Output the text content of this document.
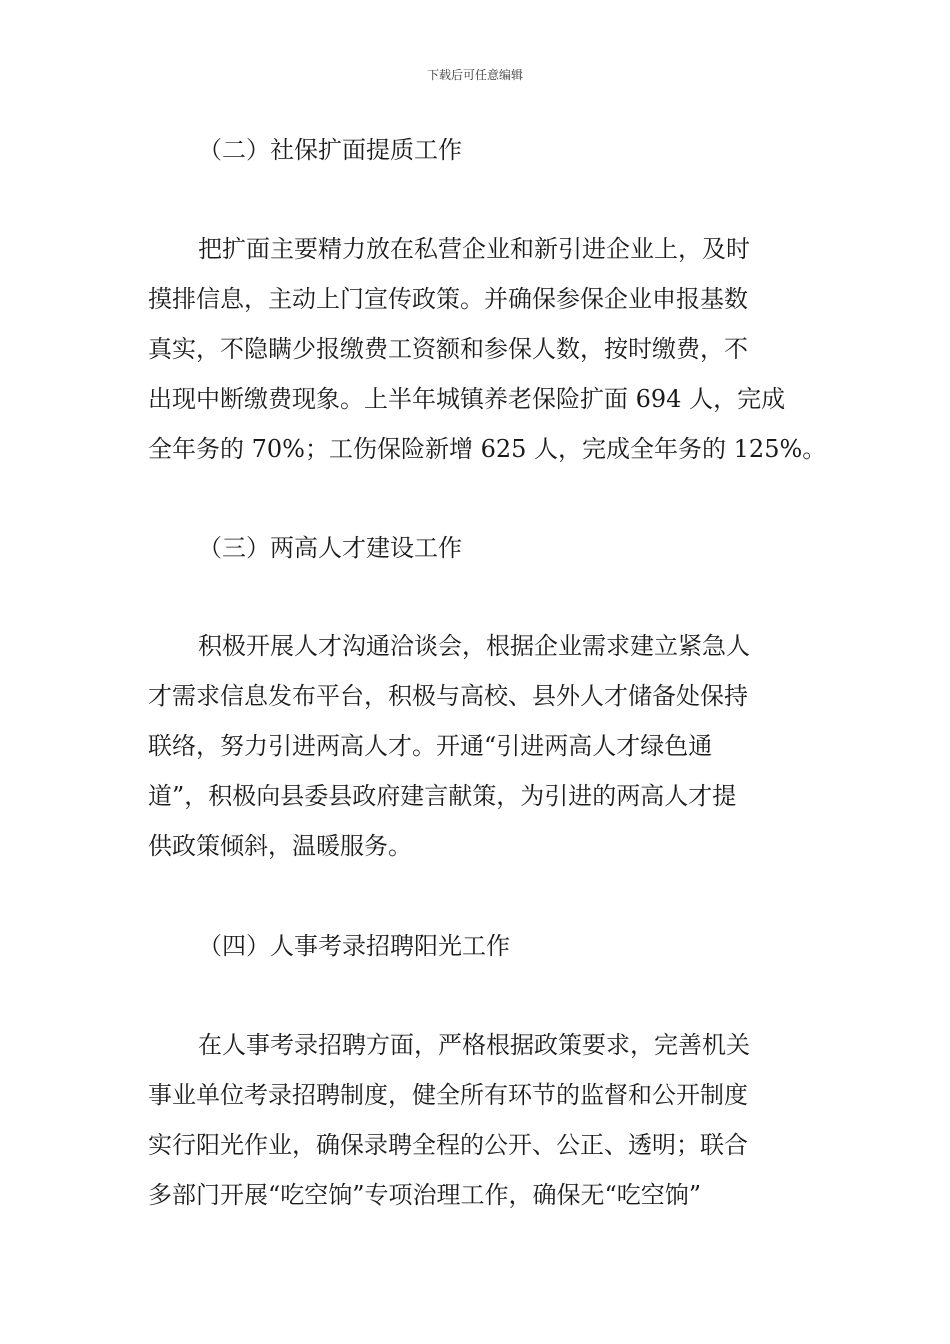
下载后可任意编辑
（二）社保扩面提质工作
把扩面主要精力放在私营企业和新引进企业上，及时
摸排信息，主动上门宣传政策。并确保参保企业申报基数
真实，不隐瞒少报缴费工资额和参保人数，按时缴费，不
出现中断缴费现象。上半年城镇养老保险扩面 694 人，完成
全年务的 70%；工伤保险新增 625 人，完成全年务的 125%。
（三）两高人才建设工作
积极开展人才沟通洽谈会，根据企业需求建立紧急人
才需求信息发布平台，积极与高校、县外人才储备处保持
联络，努力引进两高人才。开通“引进两高人才绿色通
道”，积极向县委县政府建言献策，为引进的两高人才提
供政策倾斜，温暖服务。
（四）人事考录招聘阳光工作
在人事考录招聘方面，严格根据政策要求，完善机关
事业单位考录招聘制度，健全所有环节的监督和公开制度
实行阳光作业，确保录聘全程的公开、公正、透明；联合
多部门开展“吃空饷”专项治理工作，确保无“吃空饷”
